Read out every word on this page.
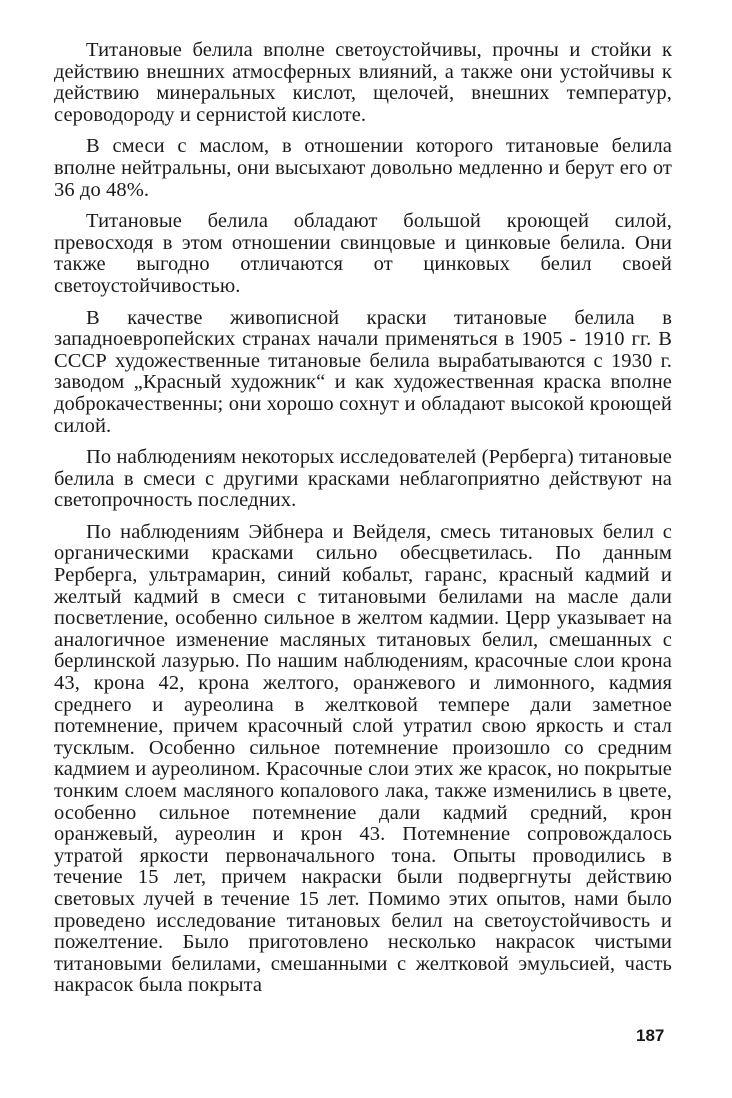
Титановые белила вполне светоустойчивы, прочны и стойки к действию внешних атмосферных влияний, а также они устойчивы к действию минеральных кислот, щелочей, внешних температур, сероводороду и сернистой кислоте.

В смеси с маслом, в отношении которого титановые белила вполне нейтральны, они высыхают довольно медленно и берут его от 36 до 48%.

Титановые белила обладают большой кроющей силой, превосходя в этом отношении свинцовые и цинковые белила. Они также выгодно отличаются от цинковых белил своей светоустойчивостью.

В качестве живописной краски титановые белила в западноевропейских странах начали применяться в 1905 - 1910 гг. В СССР художественные титановые белила вырабатываются с 1930 г. заводом „Красный художник“ и как художественная краска вполне доброкачественны; они хорошо сохнут и обладают высокой кроющей силой.

По наблюдениям некоторых исследователей (Рерберга) титановые белила в смеси с другими красками неблагоприятно действуют на светопрочность последних.

По наблюдениям Эйбнера и Вейделя, смесь титановых белил с органическими красками сильно обесцветилась. По данным Рерберга, ультрамарин, синий кобальт, гаранс, красный кадмий и желтый кадмий в смеси с титановыми белилами на масле дали посветление, особенно сильное в желтом кадмии. Церр указывает на аналогичное изменение масляных титановых белил, смешанных с берлинской лазурью. По нашим наблюдениям, красочные слои крона 43, крона 42, крона желтого, оранжевого и лимонного, кадмия среднего и ауреолина в желтковой темпере дали заметное потемнение, причем красочный слой утратил свою яркость и стал тусклым. Особенно сильное потемнение произошло со средним кадмием и ауреолином. Красочные слои этих же красок, но покрытые тонким слоем масляного копалового лака, также изменились в цвете, особенно сильное потемнение дали кадмий средний, крон оранжевый, ауреолин и крон 43. Потемнение сопровождалось утратой яркости первоначального тона. Опыты проводились в течение 15 лет, причем накраски были подвергнуты действию световых лучей в течение 15 лет. Помимо этих опытов, нами было проведено исследование титановых белил на светоустойчивость и пожелтение. Было приготовлено несколько накрасок чистыми титановыми белилами, смешанными с желтковой эмульсией, часть накрасок была покрыта

187
